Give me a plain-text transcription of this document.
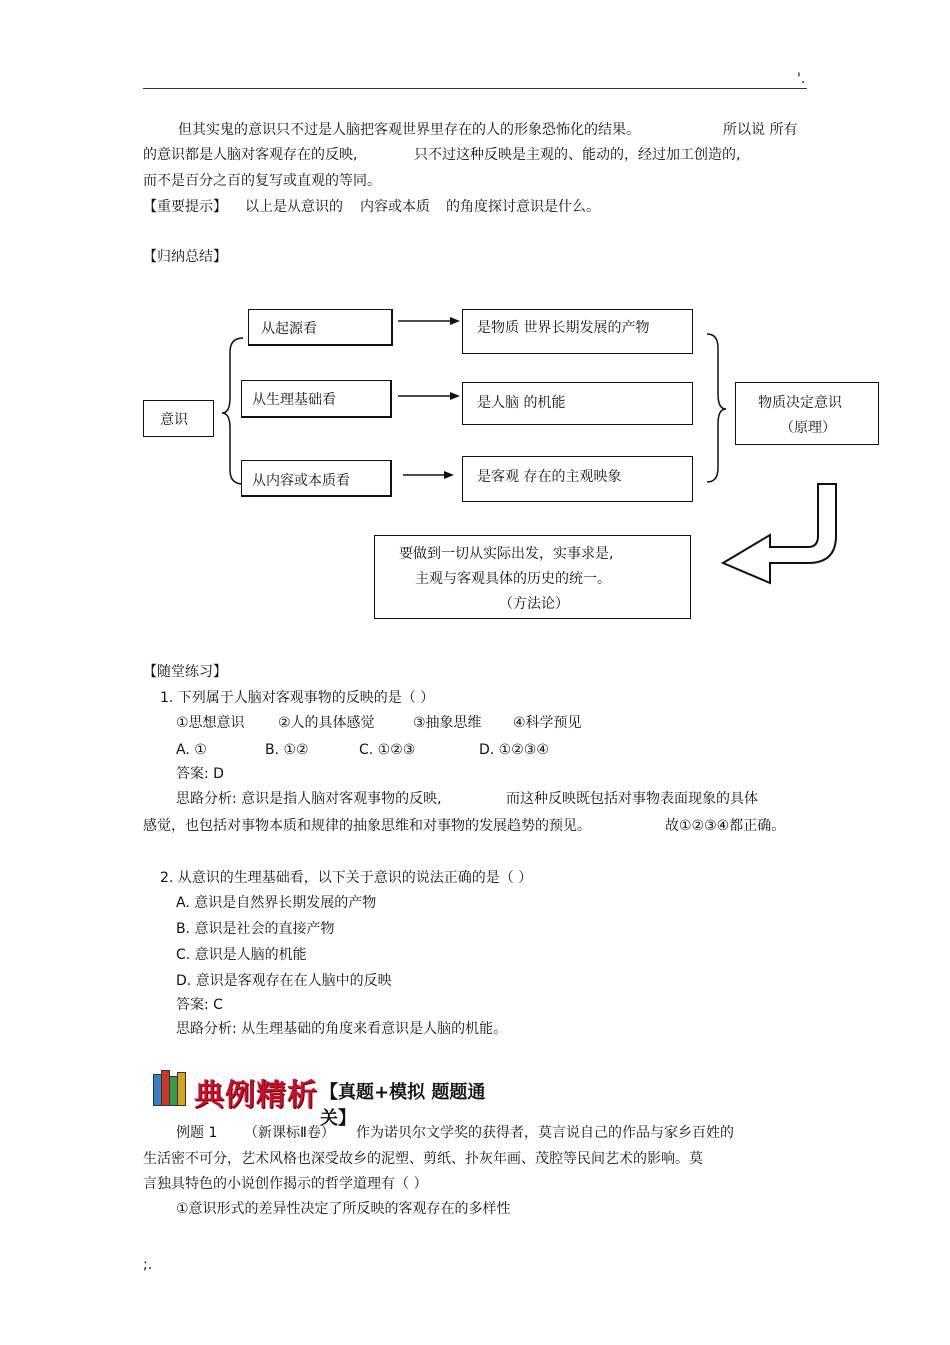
'.
但其实鬼的意识只不过是人脑把客观世界里存在的人的形象恐怖化的结果。	所以说 所有
的意识都是人脑对客观存在的反映,	只不过这种反映是主观的、能动的，经过加工创造的,
而不是百分之百的复写或直观的等同。
【重要提示】 以上是从意识的 内容或本质 的角度探讨意识是什么。
【归纳总结】
意识
从起源看
从生理基础看
从内容或本质看
是物质 世界长期发展的产物
是人脑 的机能
是客观 存在的主观映象
物质决定意识
（原理）
要做到一切从实际出发，实事求是,
主观与客观具体的历史的统一。
（方法论）
【随堂练习】
1. 下列属于人脑对客观事物的反映的是（ ）
①思想意识 ②人的具体感觉	③抽象思维 ④科学预见
A. ①	B. ①②	C. ①②③	D. ①②③④
答案: D
思路分析: 意识是指人脑对客观事物的反映,	而这种反映既包括对事物表面现象的具体
感觉，也包括对事物本质和规律的抽象思维和对事物的发展趋势的预见。	故①②③④都正确。
2. 从意识的生理基础看，以下关于意识的说法正确的是（ ）
A. 意识是自然界长期发展的产物
B. 意识是社会的直接产物
C. 意识是人脑的机能
D. 意识是客观存在在人脑中的反映
答案: C
思路分析: 从生理基础的角度来看意识是人脑的机能。
典例精析 【真题+模拟 题题通关】
例题 1 （新课标Ⅱ卷） 作为诺贝尔文学奖的获得者，莫言说自己的作品与家乡百姓的
生活密不可分，艺术风格也深受故乡的泥塑、剪纸、扑灰年画、茂腔等民间艺术的影响。莫
言独具特色的小说创作揭示的哲学道理有（ ）
①意识形式的差异性决定了所反映的客观存在的多样性
;.
